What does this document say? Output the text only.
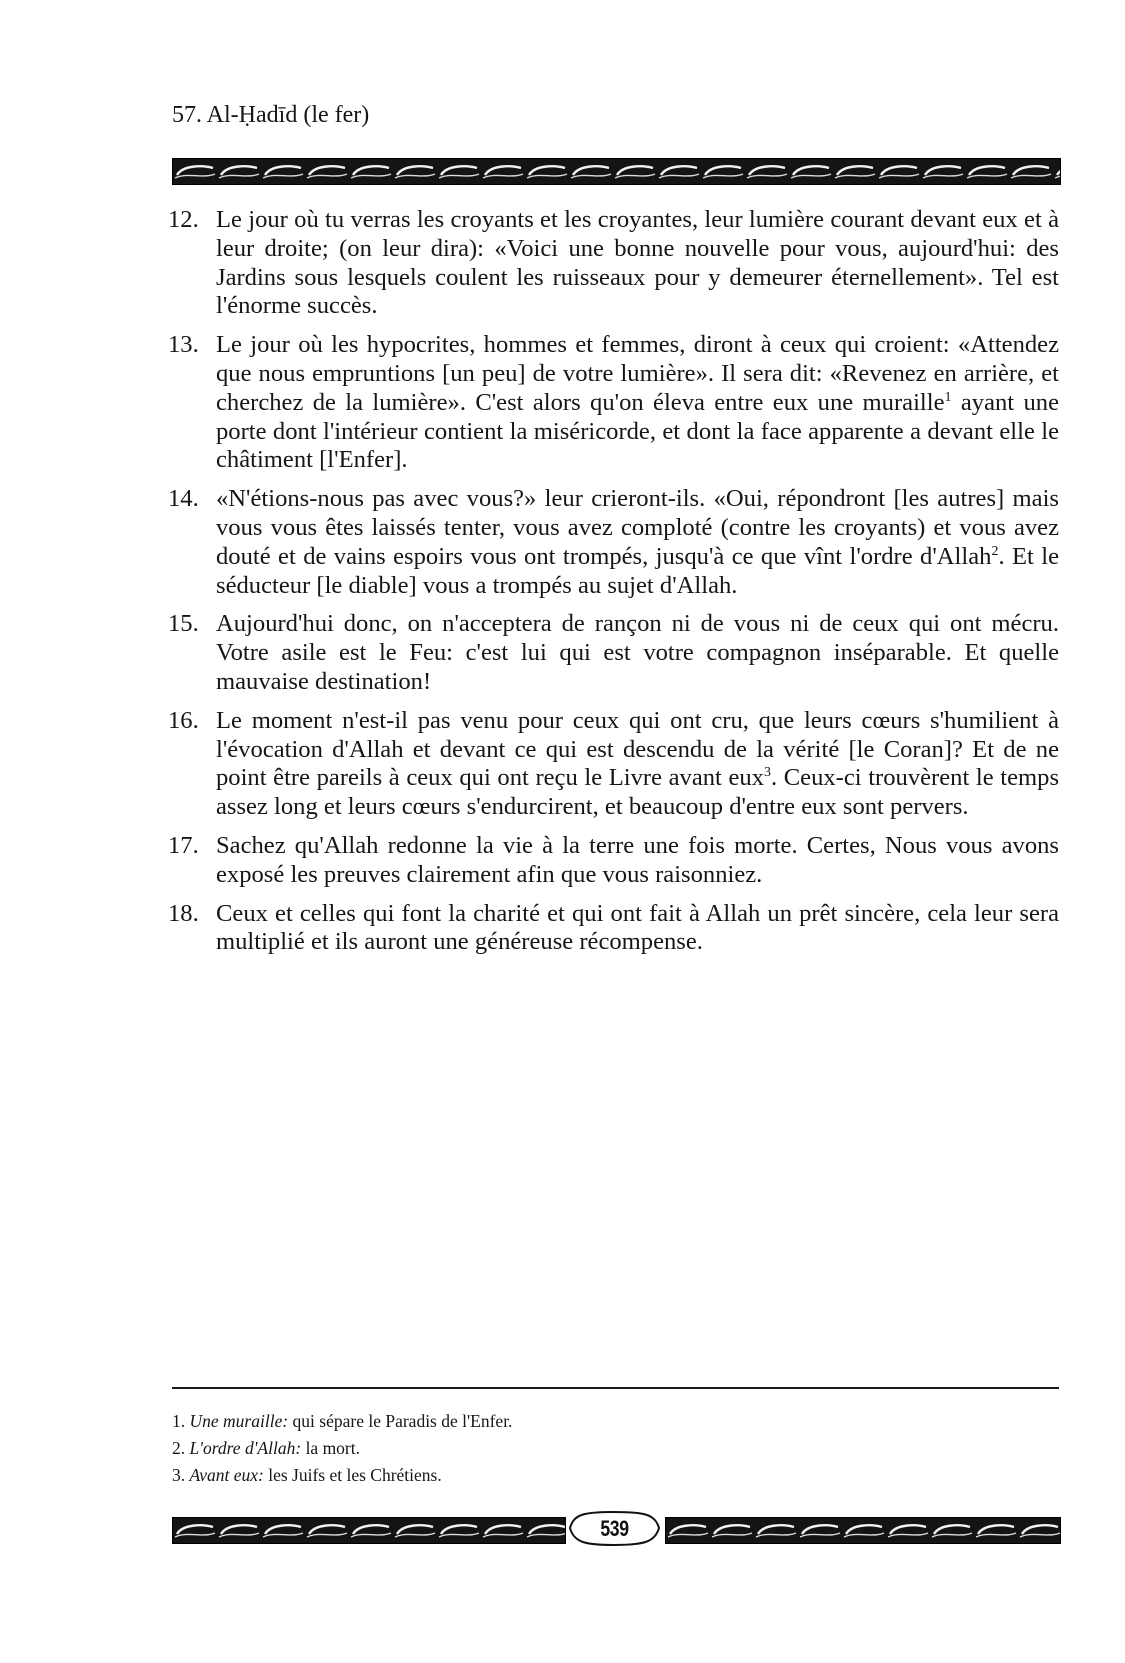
57. Al-Ḥadīd (le fer)
12. Le jour où tu verras les croyants et les croyantes, leur lumière courant devant eux et à leur droite; (on leur dira): «Voici une bonne nouvelle pour vous, aujourd'hui: des Jardins sous lesquels coulent les ruisseaux pour y demeurer éternellement». Tel est l'énorme succès.
13. Le jour où les hypocrites, hommes et femmes, diront à ceux qui croient: «Attendez que nous empruntions [un peu] de votre lumière». Il sera dit: «Revenez en arrière, et cherchez de la lumière». C'est alors qu'on éleva entre eux une muraille$^1$ ayant une porte dont l'intérieur contient la miséricorde, et dont la face apparente a devant elle le châtiment [l'Enfer].
14. «N'étions-nous pas avec vous?» leur crieront-ils. «Oui, répondront [les autres] mais vous vous êtes laissés tenter, vous avez comploté (contre les croyants) et vous avez douté et de vains espoirs vous ont trompés, jusqu'à ce que vînt l'ordre d'Allah$^2$. Et le séducteur [le diable] vous a trompés au sujet d'Allah.
15. Aujourd'hui donc, on n'acceptera de rançon ni de vous ni de ceux qui ont mécru. Votre asile est le Feu: c'est lui qui est votre compagnon inséparable. Et quelle mauvaise destination!
16. Le moment n'est-il pas venu pour ceux qui ont cru, que leurs cœurs s'humilient à l'évocation d'Allah et devant ce qui est descendu de la vérité [le Coran]? Et de ne point être pareils à ceux qui ont reçu le Livre avant eux$^3$. Ceux-ci trouvèrent le temps assez long et leurs cœurs s'endurcirent, et beaucoup d'entre eux sont pervers.
17. Sachez qu'Allah redonne la vie à la terre une fois morte. Certes, Nous vous avons exposé les preuves clairement afin que vous raisonniez.
18. Ceux et celles qui font la charité et qui ont fait à Allah un prêt sincère, cela leur sera multiplié et ils auront une généreuse récompense.
1. Une muraille: qui sépare le Paradis de l'Enfer.
2. L'ordre d'Allah: la mort.
3. Avant eux: les Juifs et les Chrétiens.
539
